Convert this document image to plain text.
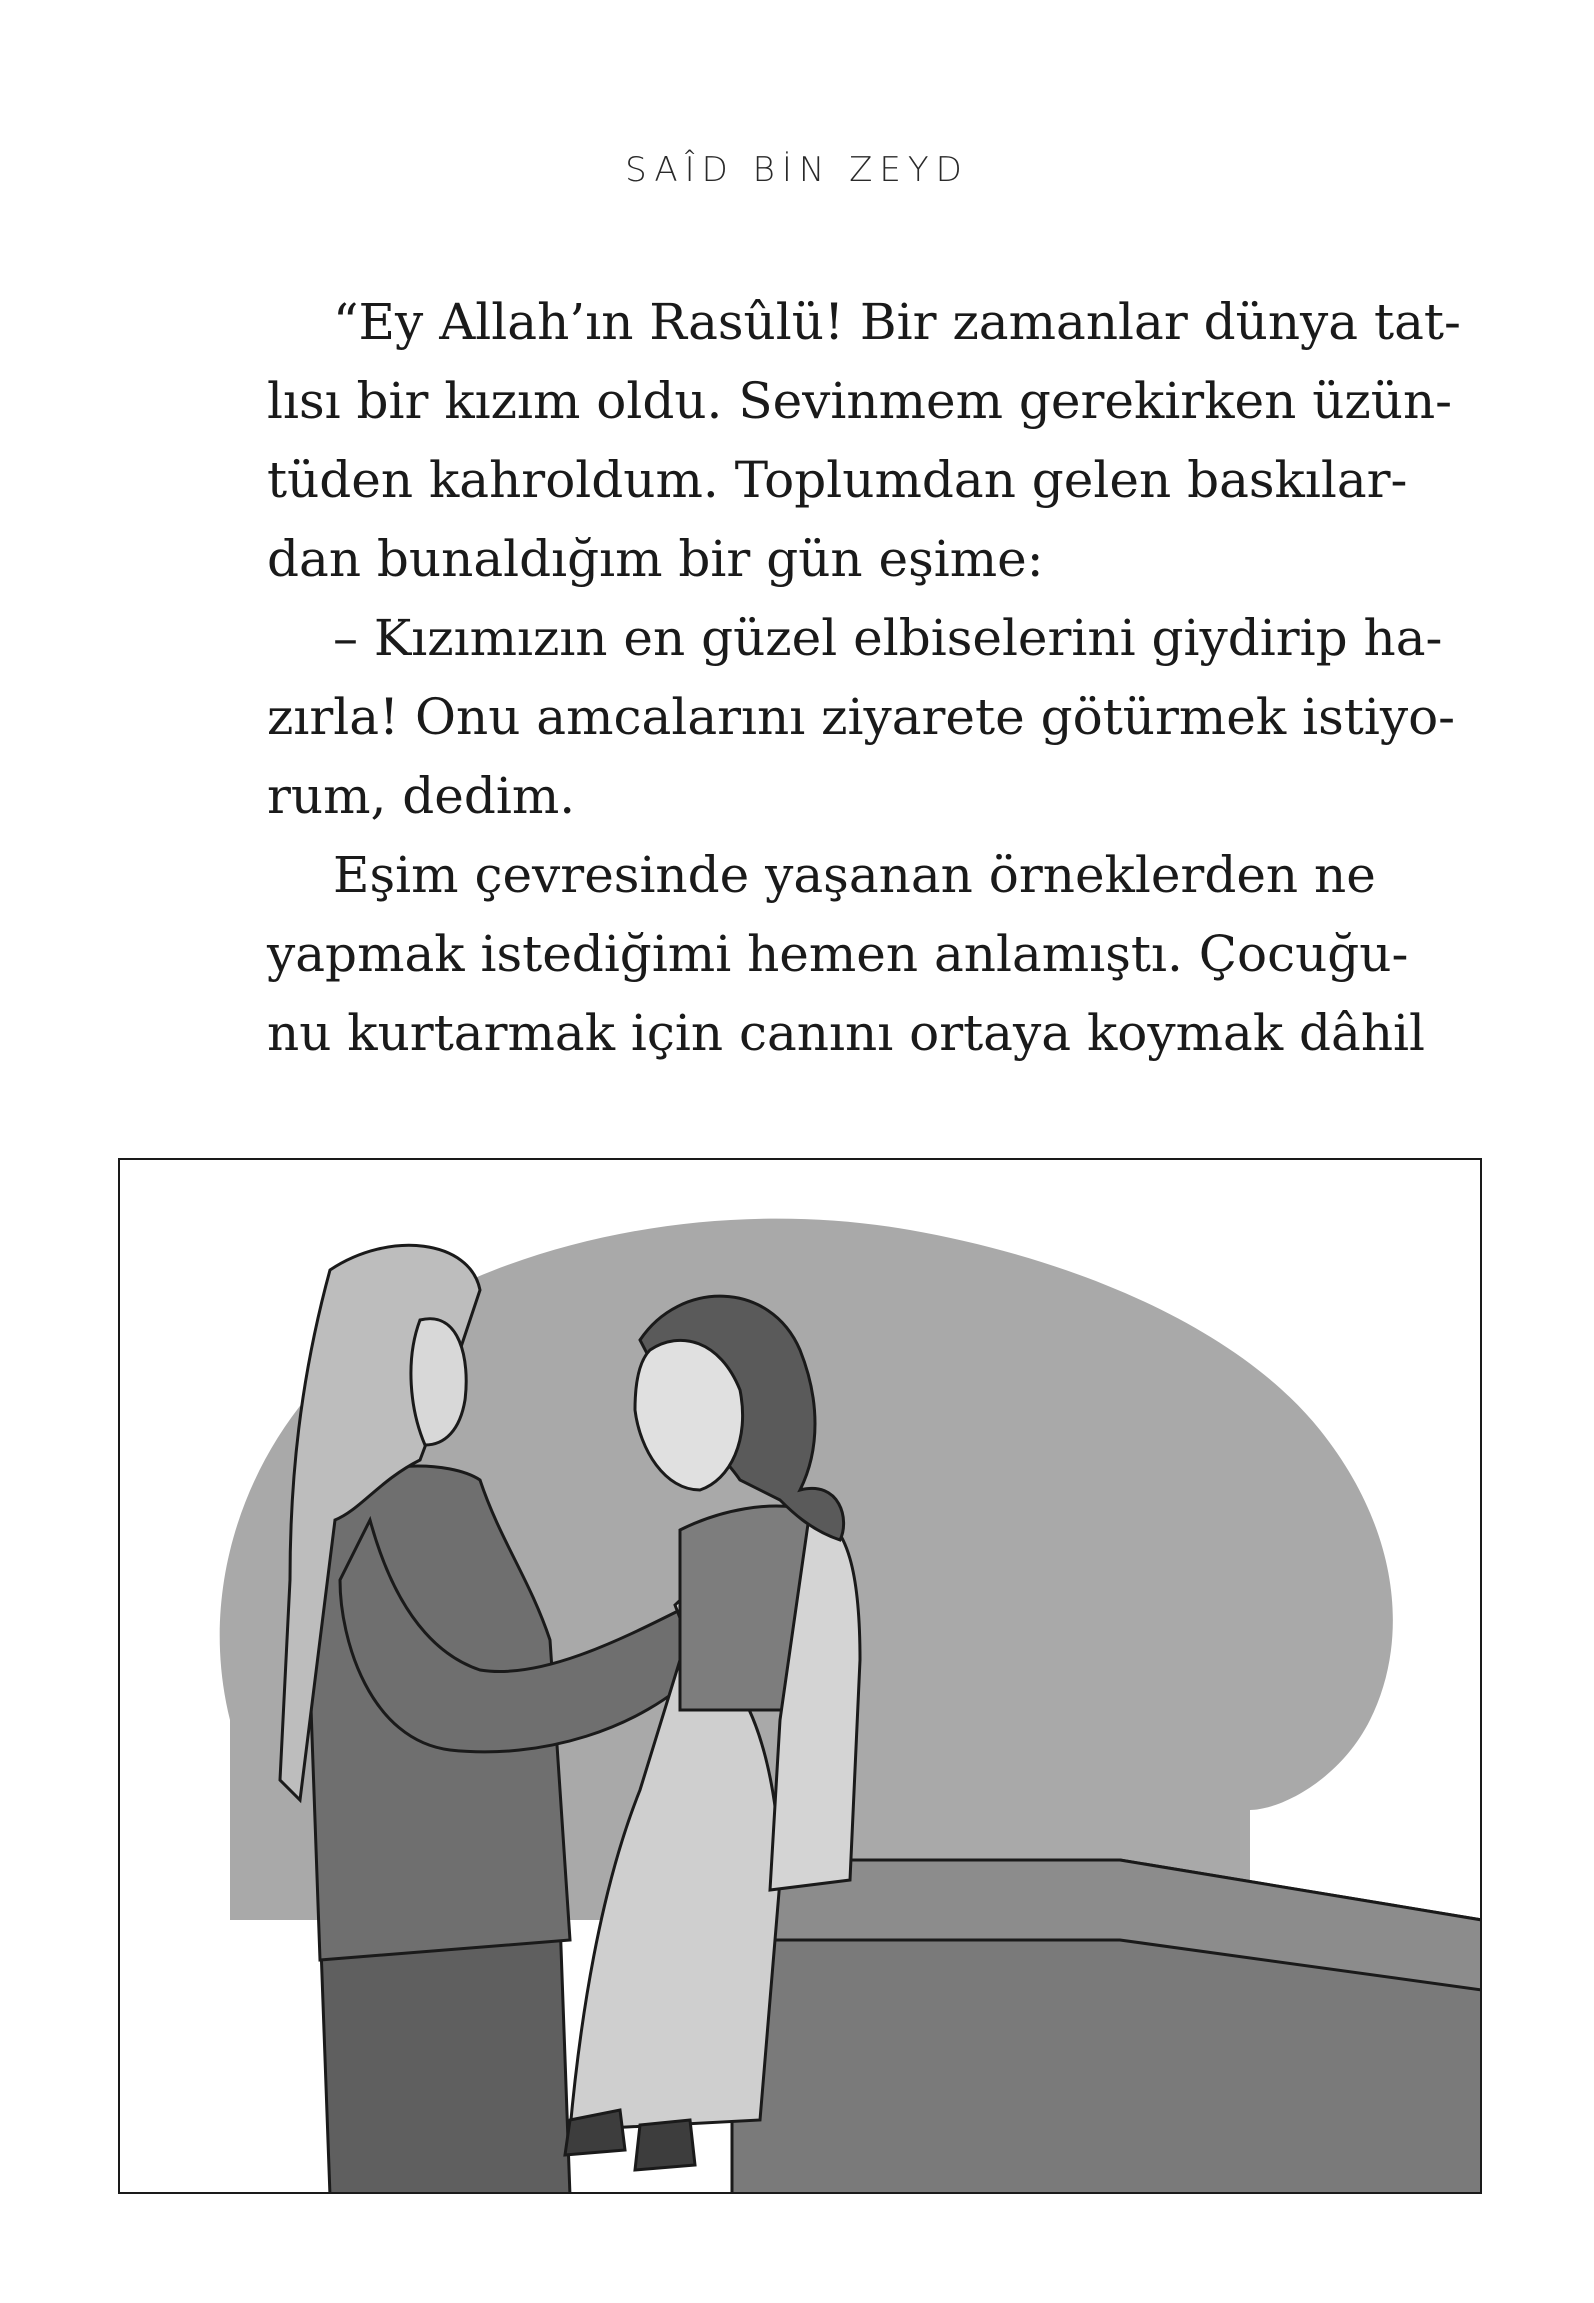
SAÎD BİN ZEYD
“Ey Allah’ın Rasûlü! Bir zamanlar dünya tat-
lısı bir kızım oldu. Sevinmem gerekirken üzün-
tüden kahroldum. Toplumdan gelen baskılar-
dan bunaldığım bir gün eşime:
– Kızımızın en güzel elbiselerini giydirip ha-
zırla! Onu amcalarını ziyarete götürmek istiyo-
rum, dedim.
Eşim çevresinde yaşanan örneklerden ne
yapmak istediğimi hemen anlamıştı. Çocuğu-
nu kurtarmak için canını ortaya koymak dâhil
